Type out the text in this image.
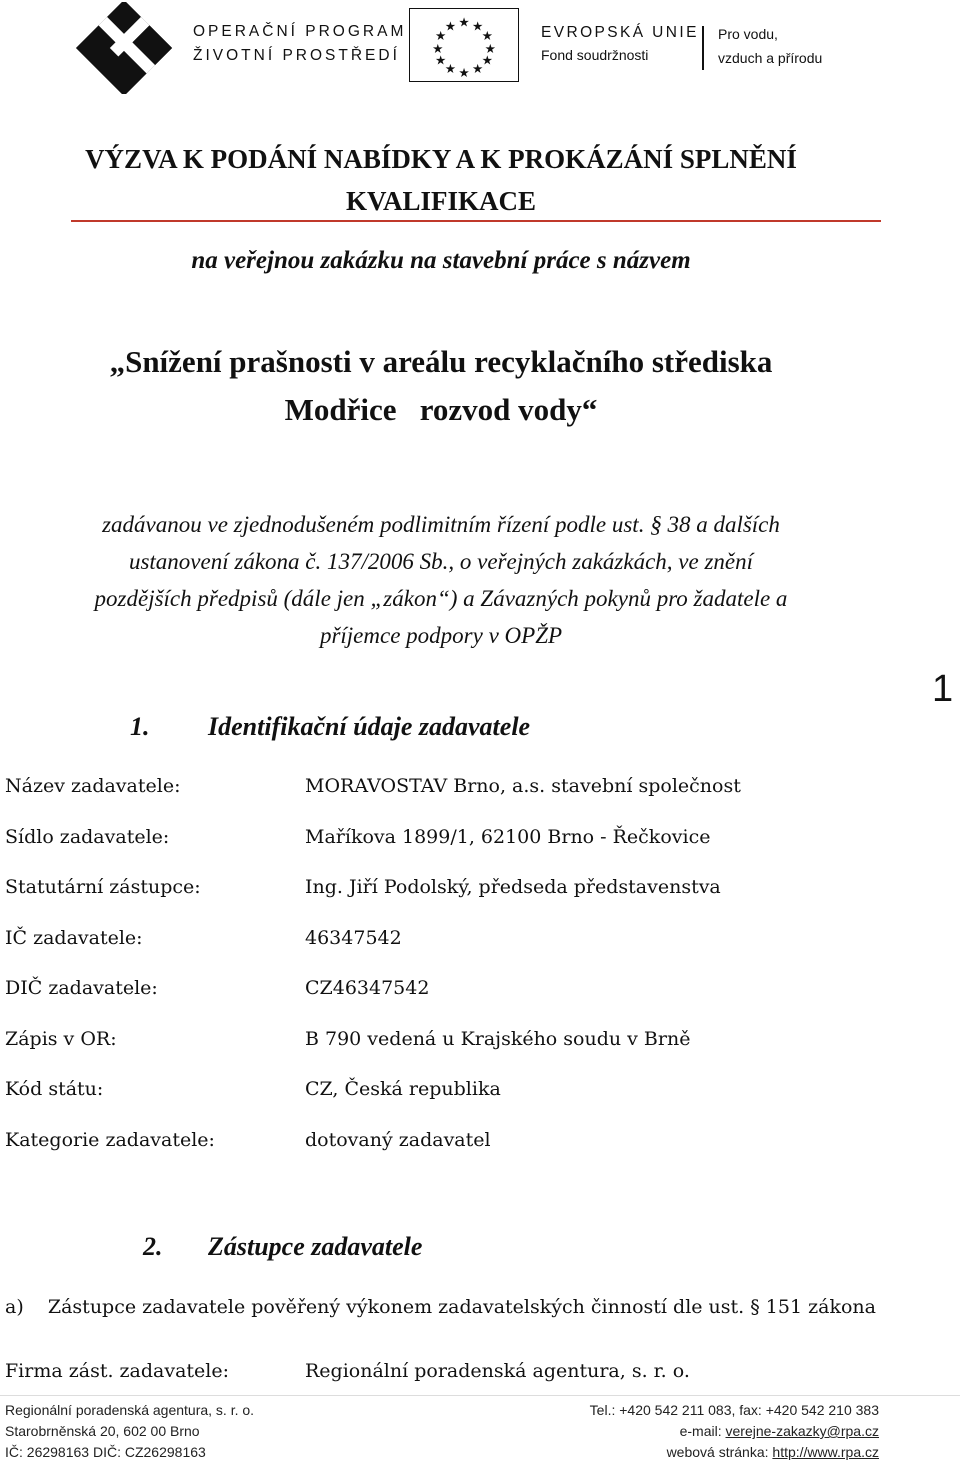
OPERAČNÍ PROGRAM
ŽIVOTNÍ PROSTŘEDÍ
★ ★
★
★
★
★
★
★
★
★
★
★	EVROPSKÁ UNIE
Fond soudržnosti
Pro vodu,
vzduch a přírodu
VÝZVA K PODÁNÍ NABÍDKY A K PROKÁZÁNÍ SPLNĚNÍ
KVALIFIKACE
na veřejnou zakázku na stavební práce s názvem
„Snížení prašnosti v areálu recyklačního střediska
Modřice   rozvod vody“
zadávanou ve zjednodušeném podlimitním řízení podle ust. § 38 a dalších
ustanovení zákona č. 137/2006 Sb., o veřejných zakázkách, ve znění
pozdějších předpisů (dále jen „zákon“) a Závazných pokynů pro žadatele a
příjemce podpory v OPŽP
1
1. Identifikační údaje zadavatele
Název zadavatele:	MORAVOSTAV Brno, a.s. stavební společnost
Sídlo zadavatele:	Maříkova 1899/1, 62100 Brno - Řečkovice
Statutární zástupce:	Ing. Jiří Podolský, předseda představenstva
IČ zadavatele:	46347542
DIČ zadavatele:	CZ46347542
Zápis v OR:	B 790 vedená u Krajského soudu v Brně
Kód státu:	CZ, Česká republika
Kategorie zadavatele:	dotovaný zadavatel
2. Zástupce zadavatele
a)    Zástupce zadavatele pověřený výkonem zadavatelských činností dle ust. § 151 zákona
Firma zást. zadavatele:	Regionální poradenská agentura, s. r. o.
Regionální poradenská agentura, s. r. o.
Starobrněnská 20, 602 00 Brno
IČ: 26298163 DIČ: CZ26298163
Tel.: +420 542 211 083, fax: +420 542 210 383
e-mail: verejne-zakazky@rpa.cz
webová stránka: http://www.rpa.cz
